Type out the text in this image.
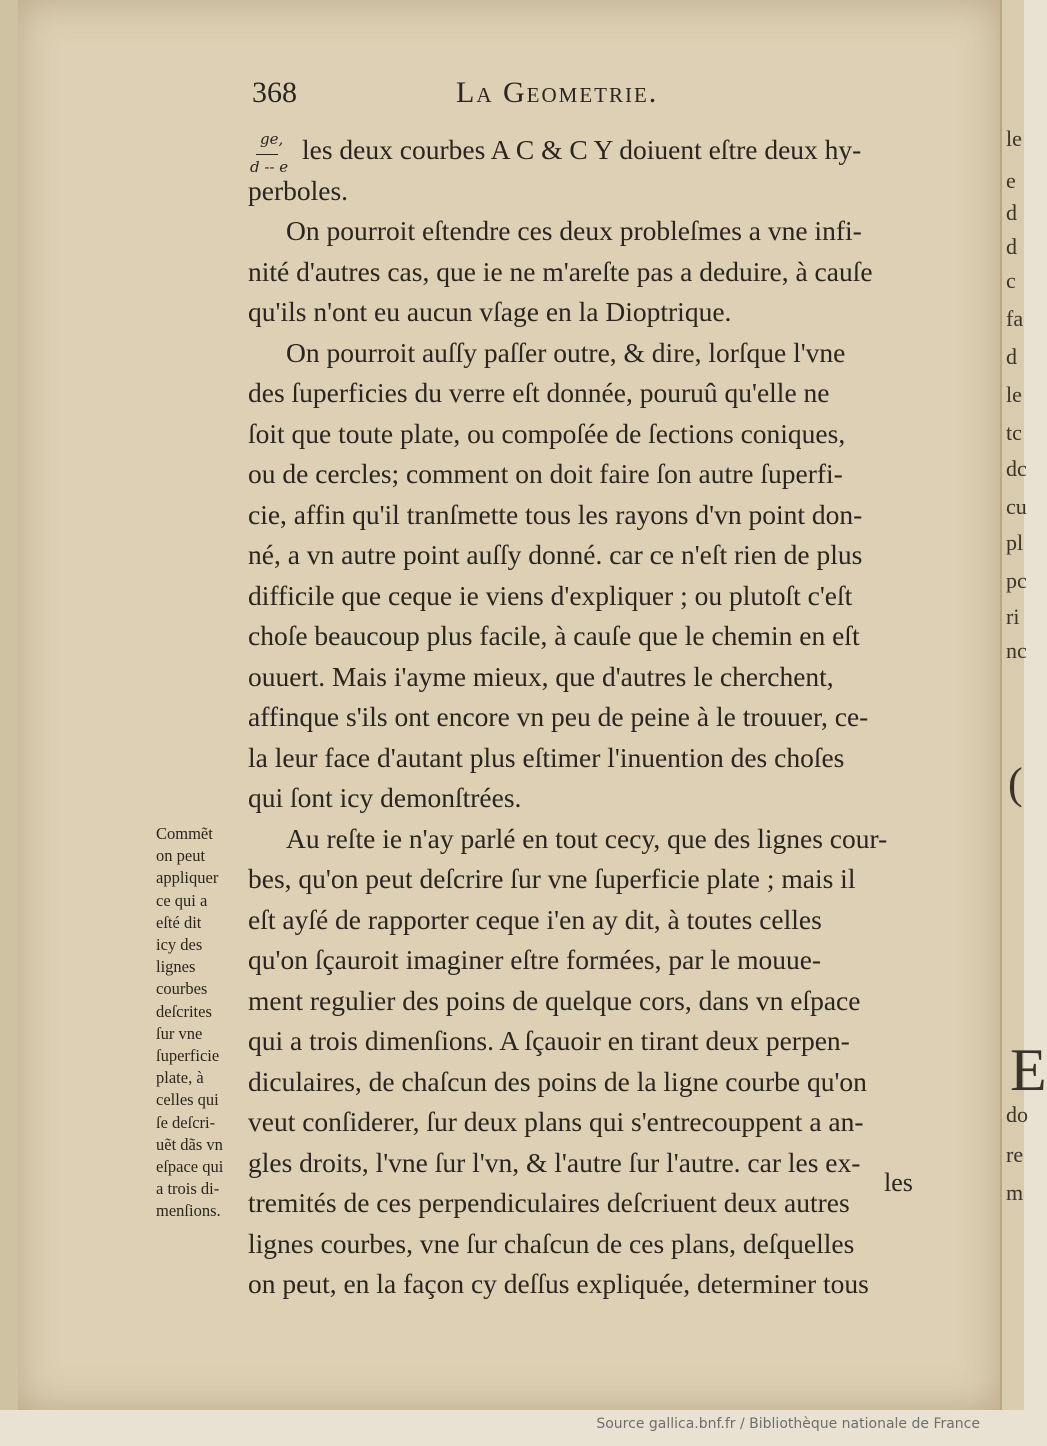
le
e
d
d
c
fa
d
le
tc
dc
cu
pl
pc
ri
nc
(
E
do
re
m
368	La Geometrie.
ge,
d -- e
les deux courbes A C & C Y doiuent eſtre deux hy-
perboles.
On pourroit eſtendre ces deux probleſmes a vne infi-
nité d'autres cas, que ie ne m'areſte pas a deduire, à cauſe
qu'ils n'ont eu aucun vſage en la Dioptrique.
On pourroit auſſy paſſer outre, & dire, lorſque l'vne
des ſuperficies du verre eſt donnée, pouruû qu'elle ne
ſoit que toute plate, ou compoſée de ſections coniques,
ou de cercles; comment on doit faire ſon autre ſuperfi-
cie, affin qu'il tranſmette tous les rayons d'vn point don-
né, a vn autre point auſſy donné. car ce n'eſt rien de plus
difficile que ceque ie viens d'expliquer ; ou plutoſt c'eſt
choſe beaucoup plus facile, à cauſe que le chemin en eſt
ouuert. Mais i'ayme mieux, que d'autres le cherchent,
affinque s'ils ont encore vn peu de peine à le trouuer, ce-
la leur face d'autant plus eſtimer l'inuention des choſes
qui ſont icy demonſtrées.
Au reſte ie n'ay parlé en tout cecy, que des lignes cour-
bes, qu'on peut deſcrire ſur vne ſuperficie plate ; mais il
eſt ayſé de rapporter ceque i'en ay dit, à toutes celles
qu'on ſçauroit imaginer eſtre formées, par le mouue-
ment regulier des poins de quelque cors, dans vn eſpace
qui a trois dimenſions. A ſçauoir en tirant deux perpen-
diculaires, de chaſcun des poins de la ligne courbe qu'on
veut conſiderer, ſur deux plans qui s'entrecouppent a an-
gles droits, l'vne ſur l'vn, & l'autre ſur l'autre. car les ex-
tremités de ces perpendiculaires deſcriuent deux autres
lignes courbes, vne ſur chaſcun de ces plans, deſquelles
on peut, en la façon cy deſſus expliquée, determiner tous
les
Commẽt
on peut
appliquer
ce qui a
eſté dit
icy des
lignes
courbes
deſcrites
ſur vne
ſuperficie
plate, à
celles qui
ſe deſcri-
uẽt dãs vn
eſpace qui
a trois di-
menſions.
Source gallica.bnf.fr / Bibliothèque nationale de France
